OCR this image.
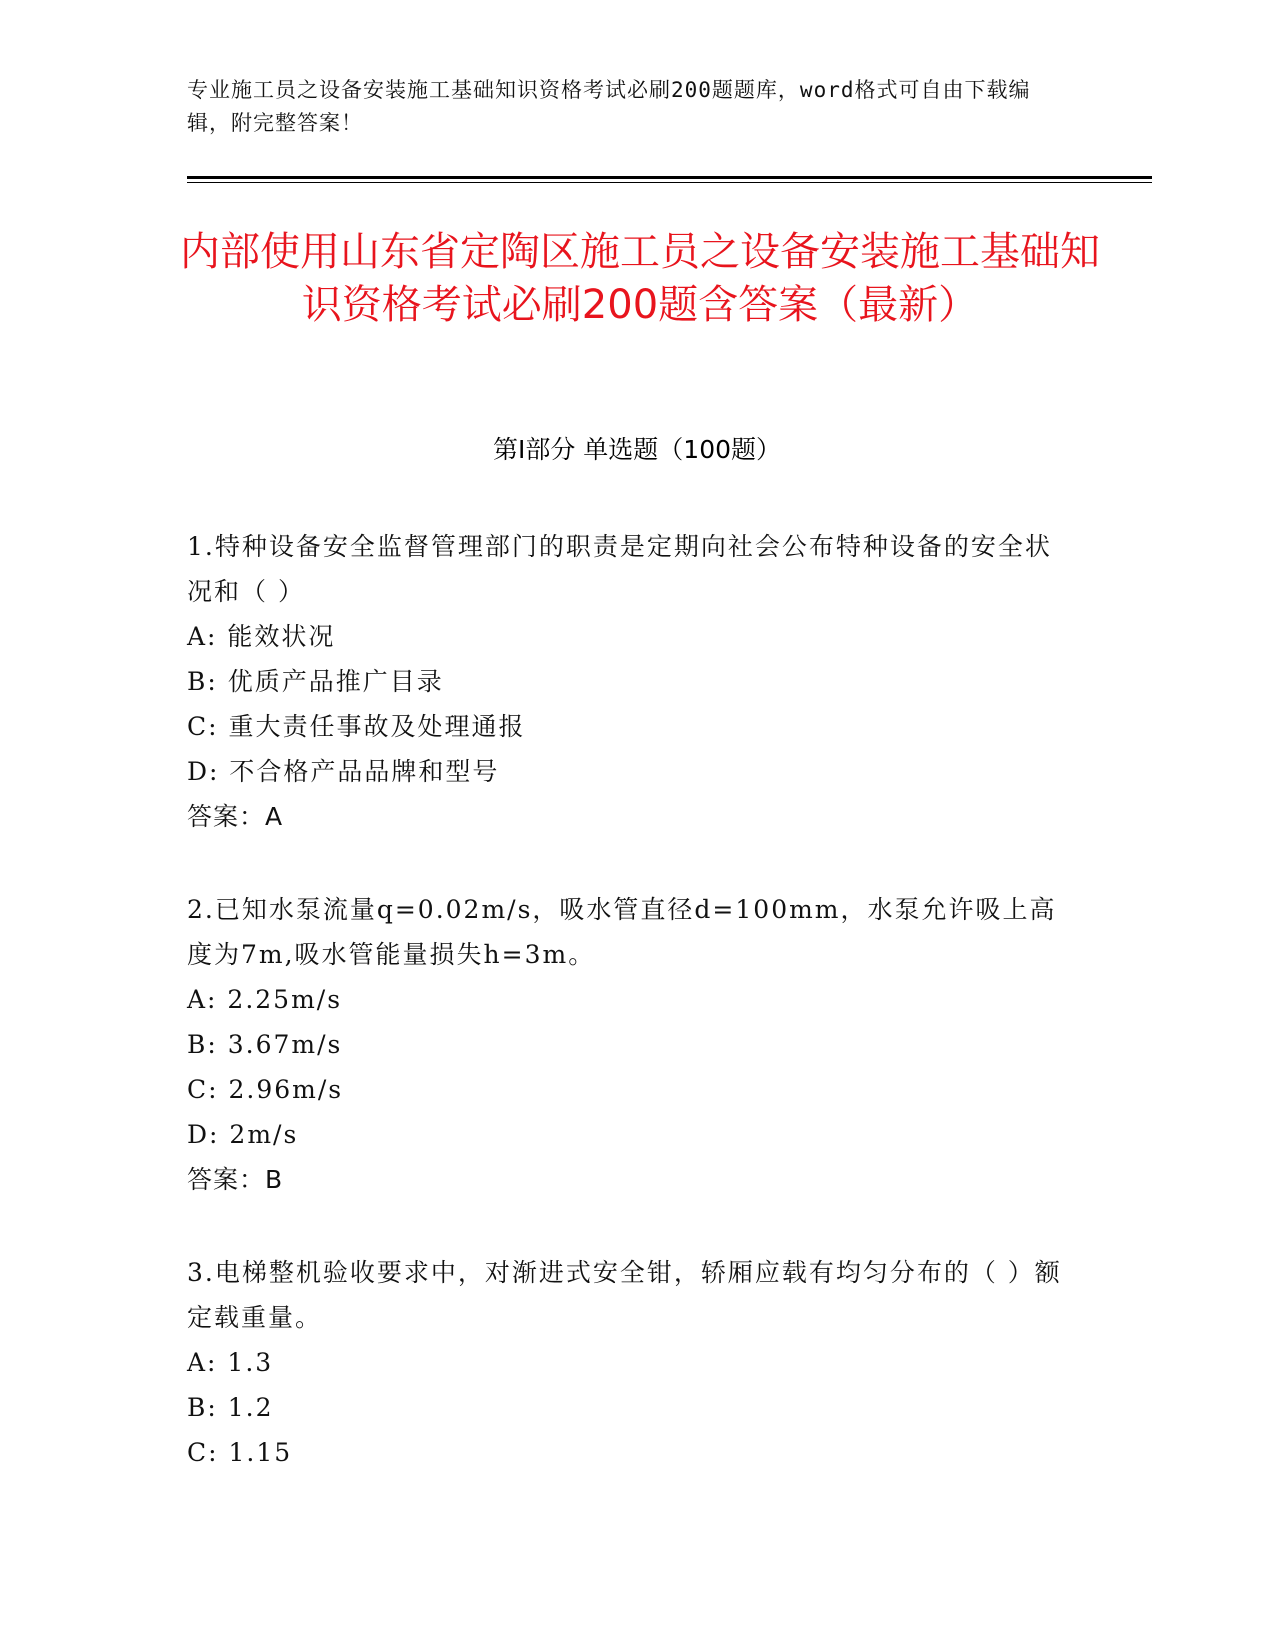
专业施工员之设备安装施工基础知识资格考试必刷200题题库，word格式可自由下载编辑，附完整答案！
内部使用山东省定陶区施工员之设备安装施工基础知识资格考试必刷200题含答案（最新）
第I部分 单选题（100题）
1.特种设备安全监督管理部门的职责是定期向社会公布特种设备的安全状况和（ ）
A: 能效状况
B: 优质产品推广目录
C: 重大责任事故及处理通报
D: 不合格产品品牌和型号
答案：A
2.已知水泵流量q=0.02m/s，吸水管直径d=100mm，水泵允许吸上高度为7m,吸水管能量损失h=3m。
A: 2.25m/s
B: 3.67m/s
C: 2.96m/s
D: 2m/s
答案：B
3.电梯整机验收要求中，对渐进式安全钳，轿厢应载有均匀分布的（ ）额定载重量。
A: 1.3
B: 1.2
C: 1.15
